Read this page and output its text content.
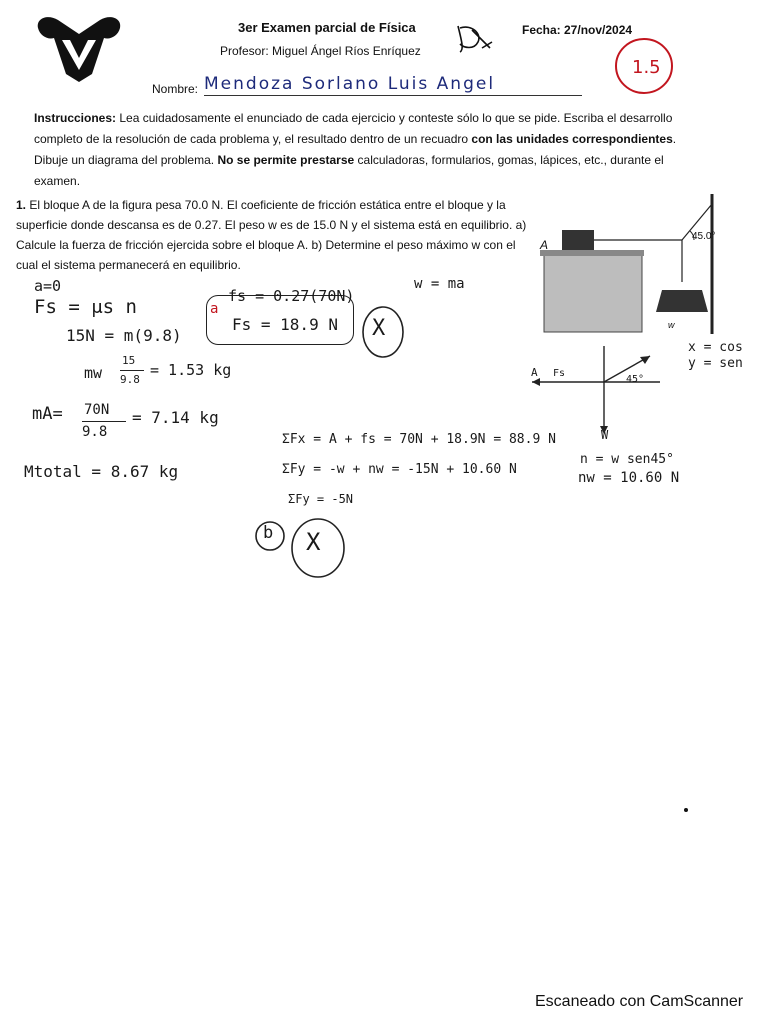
3er Examen parcial de Física
Profesor: Miguel Ángel Ríos Enríquez
Fecha: 27/nov/2024
1.5
Nombre: Mendoza Sorlano Luis Angel
Instrucciones: Lea cuidadosamente el enunciado de cada ejercicio y conteste sólo lo que se pide. Escriba el desarrollo completo de la resolución de cada problema y, el resultado dentro de un recuadro con las unidades correspondientes. Dibuje un diagrama del problema. No se permite prestarse calculadoras, formularios, gomas, lápices, etc., durante el examen.
1. El bloque A de la figura pesa 70.0 N. El coeficiente de fricción estática entre el bloque y la superficie donde descansa es de 0.27. El peso w es de 15.0 N y el sistema está en equilibrio. a) Calcule la fuerza de fricción ejercida sobre el bloque A. b) Determine el peso máximo w con el cual el sistema permanecerá en equilibrio.
45.0°
w
A
a=0
Fs = μs n
15N = m(9.8)
mw
15
9.8
= 1.53 kg
mA= 70N
9.8
= 7.14 kg
Mtotal = 8.67 kg
a
fs = 0.27(70N)
Fs = 18.9 N X
w = ma
ΣFx = A + fs = 70N + 18.9N = 88.9 N
ΣFy = -w + nw = -15N + 10.60 N
ΣFy = -5N
b X
A Fs
45°
W
x = cos
y = sen
n = w sen45°
nw = 10.60 N
Escaneado con CamScanner
